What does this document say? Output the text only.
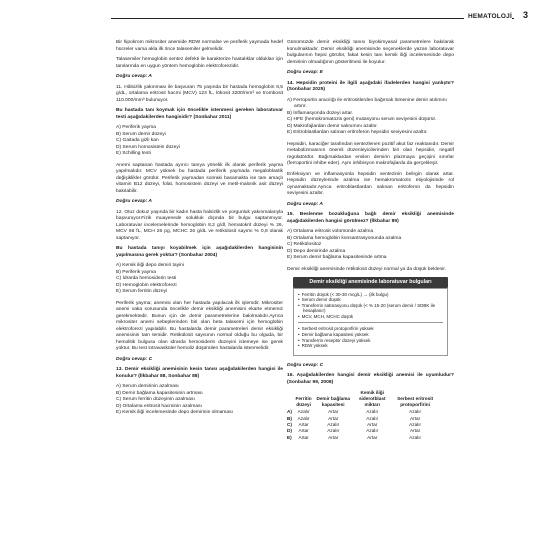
HEMATOLOJİ 3

Bir hipokrom mikrositer anemide RDW normalse ve periferik yaymada hedef hücreler varsa akla ilk önce talasemiler gelmelidir.

Talasemiler hemoglobin sentez defekti ile karakterize hastalıklar olduklan için tanılarında en uygun yöntem hemoglobin elektroforezidir.

Doğru cevap: A

11. Hâlsizlik yakınması ile başvuran 75 yaşında bir hastada hemoglobin 8,5 g/dL, ortalama eritrosit hacmi (MCV) 123 fL, lökosit 3200/mm³ ve trombosit 110.000/mm³ bulunuyor.

Bu hastada tanı koymak için öncelikle istenmesi gereken laboratuvar testi aşağıdakilerden hangisidir? (Sonbahar 2011)

A) Periferik yayma
B) Serum demir düzeyi
C) Gaitada gizli kan
D) Serum homosistein düzeyi
E) Schilling testi

Anemi saptanan hastada ayırıcı tanıya yönelik ilk olarak periferik yayma yapılmalıdır. MCV yüksek bu hastada periferik yaymada megaloblastik değişiklikler görülür. Periferik yaymadan sonraki basamakta ise tanı amaçlı vitamin B12 düzeyi, folat, homosistein düzeyi ve metil-malonik asit düzeyi bakılabilir.

Doğru cevap: A

12. Otuz dokuz yaşında bir kadın hasta halsizlik ve yorgunluk yakınmalarıyla başvuruyor.Fizik muayenede solukluk dışında bir bulgu saptanmıyor. Laboratuvar incelemelerinde hemoglobin 8,2 g/dl, hematokrit düzeyi % 26, MCV 66 fL, MCH 26 pg, MCHC 26 g/dL ve retikülosit sayımı % 0,8 olarak saptanıyor.

Bu hastada tanıyı koyabilmek için aşağıdakilerden hangisinin yapılmasına gerek yoktur? (Sonbahar 2004)

A) Kemik iliği depo demiri tayini
B) Periferik yayma
C) İdrarda hemosiderin testi
D) Hemoglobin elektroforezi
E) Serum ferritin düzeyi

Periferik yayma; anemisi olan her hastada yapılacak ilk işlemdir. Mikrositer anemi vaka sorusunda öncelikle demir eksikliği anemisini ekarte etmemiz gerekmektedir. Bunun için de demir parametrelerine bakılmalıdır.Ayrıca mikrositer anemi sebeplerinden biri olan beta talasemi için hemoglobin elektroforezi yapılabilir. Bu hastalarda demir parametreleri demir eksikliği anemisinin tam tersidir. Retikülosit sayısının normal olduğu bu olguda, bir hemolitik bulgusu olan idrarda hemosiderin düzeyini istemeye ise gerek yoktur. Bu test intravasküler hemoliz düşünülen hastalarda istenmelidir.

Doğru cevap: C

13. Demir eksikliği anemisinin kesin tanısı aşağıdakilerden hangisi ile konulur? (İlkbahar 88, Sonbahar 88)

A) Serum demirinin azalması
B) Demir bağlama kapasitesinin artması
C) Serum ferritin düzeyinin azalması
D) Ortalama eritrosit hacminin azalması
E) Kemik iliği incelemesinde depo demirinin olmaması

Günümüzde demir eksikliği tanısı biyokimyasal parametrelere bakılarak konulmaktadır. Demir eksikliği anemisinde seçeneklerde yazan laboratuvar bulgularının hepsi görülür, fakat kesin tanı kemik iliği incelemesinde depo demirinin olmadığının gösterilmesi ile koyulur.

Doğru cevap: E

14. Hepsidin proteini ile ilgili aşağıdaki ifadelerden hangisi yanlıştır? (Sonbahar 2025)

A) Ferroportin aracılığı ile eritrositlerden bağırsak lümenine demir atılımını artırır.
B) İnflamasyonda düzeyi artar.
C) HFE (hemokromatozis geni) mutasyonu serum seviyesini düşürür.
D) Makrofajlardan demir salınımını azaltır.
E) Eritroblastlardan salınan eritroferon hepsidin seviyesini azaltır.

Hepsidin, karaciğer tarafından sentezlenen pozitif akut faz reaktanıdır. Demir metabolizmasının önemli düzenleyicilerinden biri olan hepsidin, negatif regülatördür. Bağırsaklardan emilen demirin plazmaya geçişini sınırlar (ferroportini inhibe eder). Aynı inhibisyon makrofajlarda da gerçekleşir.

Enfeksiyon ve inflamasyonla hepsidin sentezinin belirgin olarak artar. Hepsidin düzeylerinde azalma ise hemakromatozis etiyolojisinde rol oynamaktadır.Ayrıca eritroblastlardan salınan eritroferon da hepsidin seviyesini azaltır.

Doğru cevap: A

15. Beslenme bozukluğuna bağlı demir eksikliği anemisinde aşağıdakilerden hangisi görülmez? (İlkbahar 89)

A) Ortalama eritrosit volümünde azalma
B) Ortalama hemoglobin konsantrasyonunda azalma
C) Retikülositoz
D) Depo demirinde azalma
E) Serum demir bağlama kapasitesinde artma

Demir eksikliği anemisinde retikülosit düzeyi normal ya da düşük beklenir.

Demir eksikliği anemisinde laboratuvar bulguları
• Ferritin düşük (< 30-30 mcg/L) → (ilk bulgu)
• Serum demir düşük
• Transferrin satürasyonu düşük (< % 15-20 (serum demir / SDBK ile hesaplanır)
• MCV, MCH, MCHC düşük
• Serbest eritrosit protoporfirin yüksek
• Demir bağlama kapasitesi yüksek
• Transferrin reseptör düzeyi yüksek
• RDW yüksek

Doğru cevap: C

16. Aşağıdakilerden hangisi demir eksikliği anemisi ile uyumludur? (Sonbahar 99, 2008)

	Ferritin düzeyi	Demir bağlama kapasitesi	Kemik iliği siderotblast miktarı	Serbest eritrosit protoporfirini
A)	Azalır	Artar	Azalır	Azalır
B)	Azalır	Artar	Azalır	Artar
C)	Artar	Azalır	Artar	Azalır
D)	Artar	Azalır	Azalır	Artar
E)	Artar	Artar	Artar	Azalır
